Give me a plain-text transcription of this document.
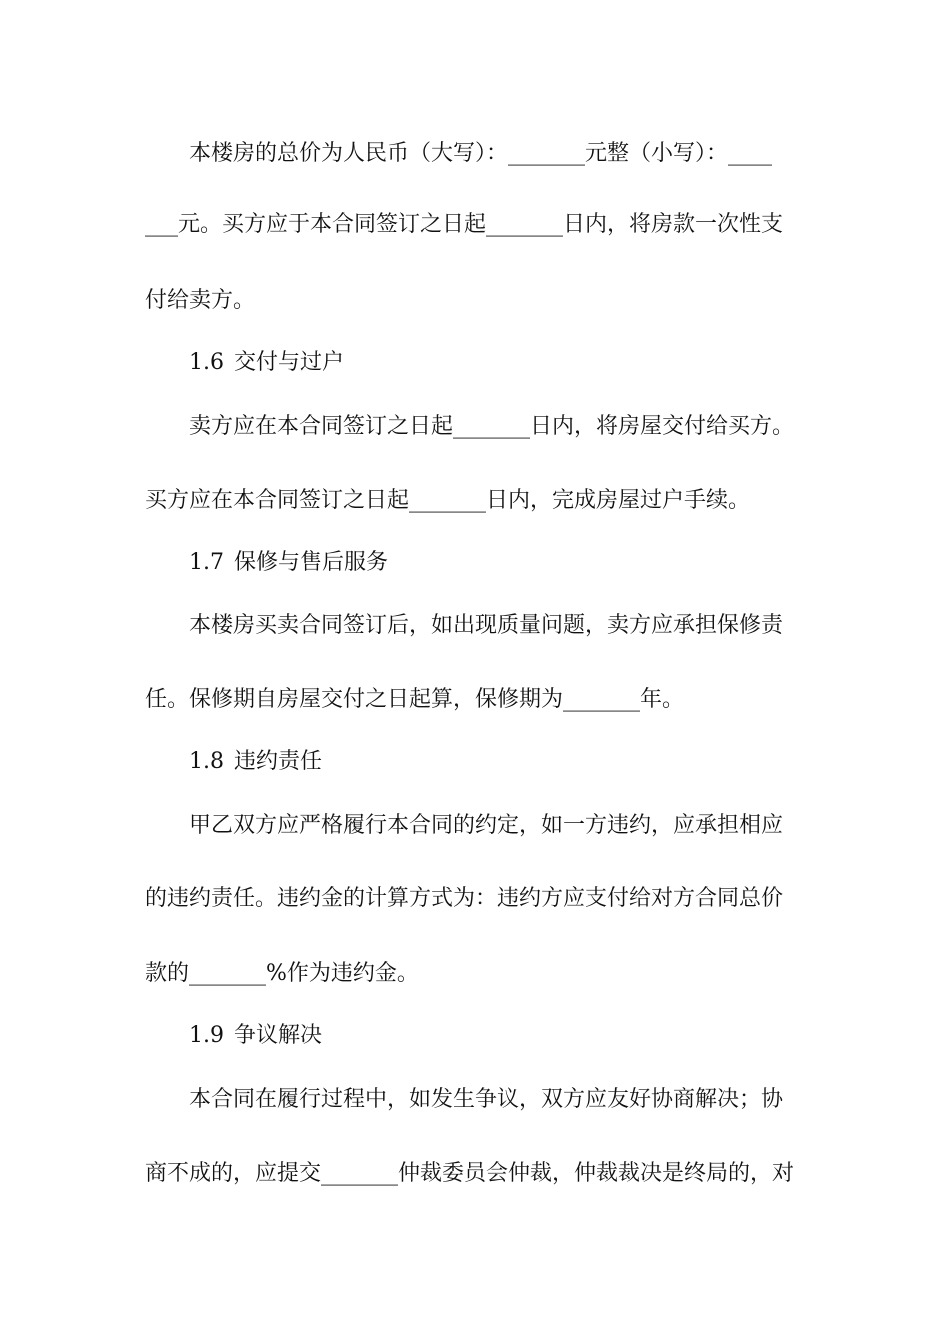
本楼房的总价为人民币（大写）：_______元整（小写）：____
___元。买方应于本合同签订之日起_______日内，将房款一次性支
付给卖方。
1.6 交付与过户
卖方应在本合同签订之日起_______日内，将房屋交付给买方。
买方应在本合同签订之日起_______日内，完成房屋过户手续。
1.7 保修与售后服务
本楼房买卖合同签订后，如出现质量问题，卖方应承担保修责
任。保修期自房屋交付之日起算，保修期为_______年。
1.8 违约责任
甲乙双方应严格履行本合同的约定，如一方违约，应承担相应
的违约责任。违约金的计算方式为：违约方应支付给对方合同总价
款的_______%作为违约金。
1.9 争议解决
本合同在履行过程中，如发生争议，双方应友好协商解决；协
商不成的，应提交_______仲裁委员会仲裁，仲裁裁决是终局的，对
